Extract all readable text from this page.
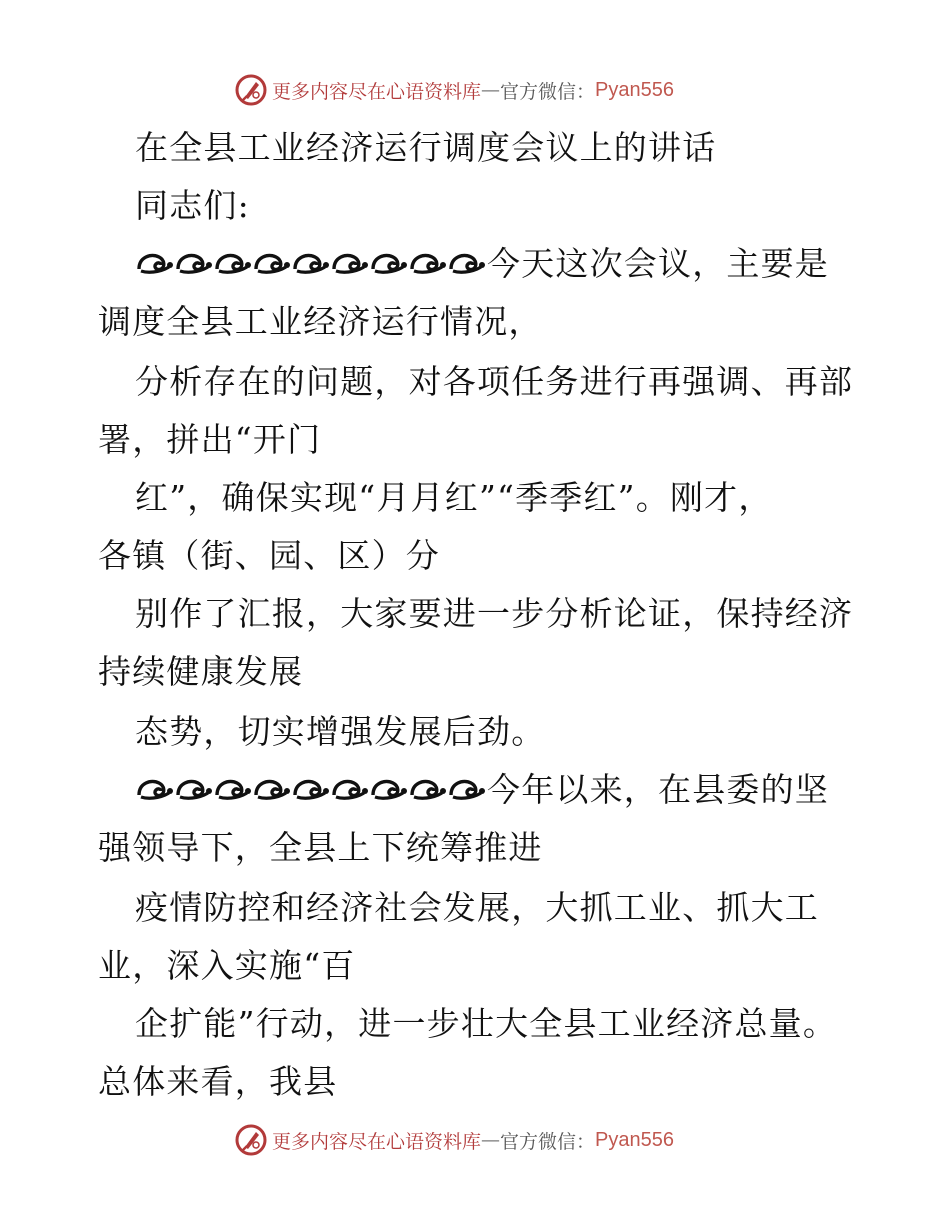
更多内容尽在心语资料库 — 官方微信： Pyan556
在全县工业经济运行调度会议上的讲话
同志们:
今天这次会议，主要是
调度全县工业经济运行情况，
分析存在的问题，对各项任务进行再强调、再部
署，拼出“开门
红”，确保实现“月月红”“季季红”。刚才，
各镇（街、园、区）分
别作了汇报，大家要进一步分析论证，保持经济
持续健康发展
态势，切实增强发展后劲。
今年以来，在县委的坚
强领导下，全县上下统筹推进
疫情防控和经济社会发展，大抓工业、抓大工
业，深入实施“百
企扩能”行动，进一步壮大全县工业经济总量。
总体来看，我县
更多内容尽在心语资料库 — 官方微信： Pyan556
